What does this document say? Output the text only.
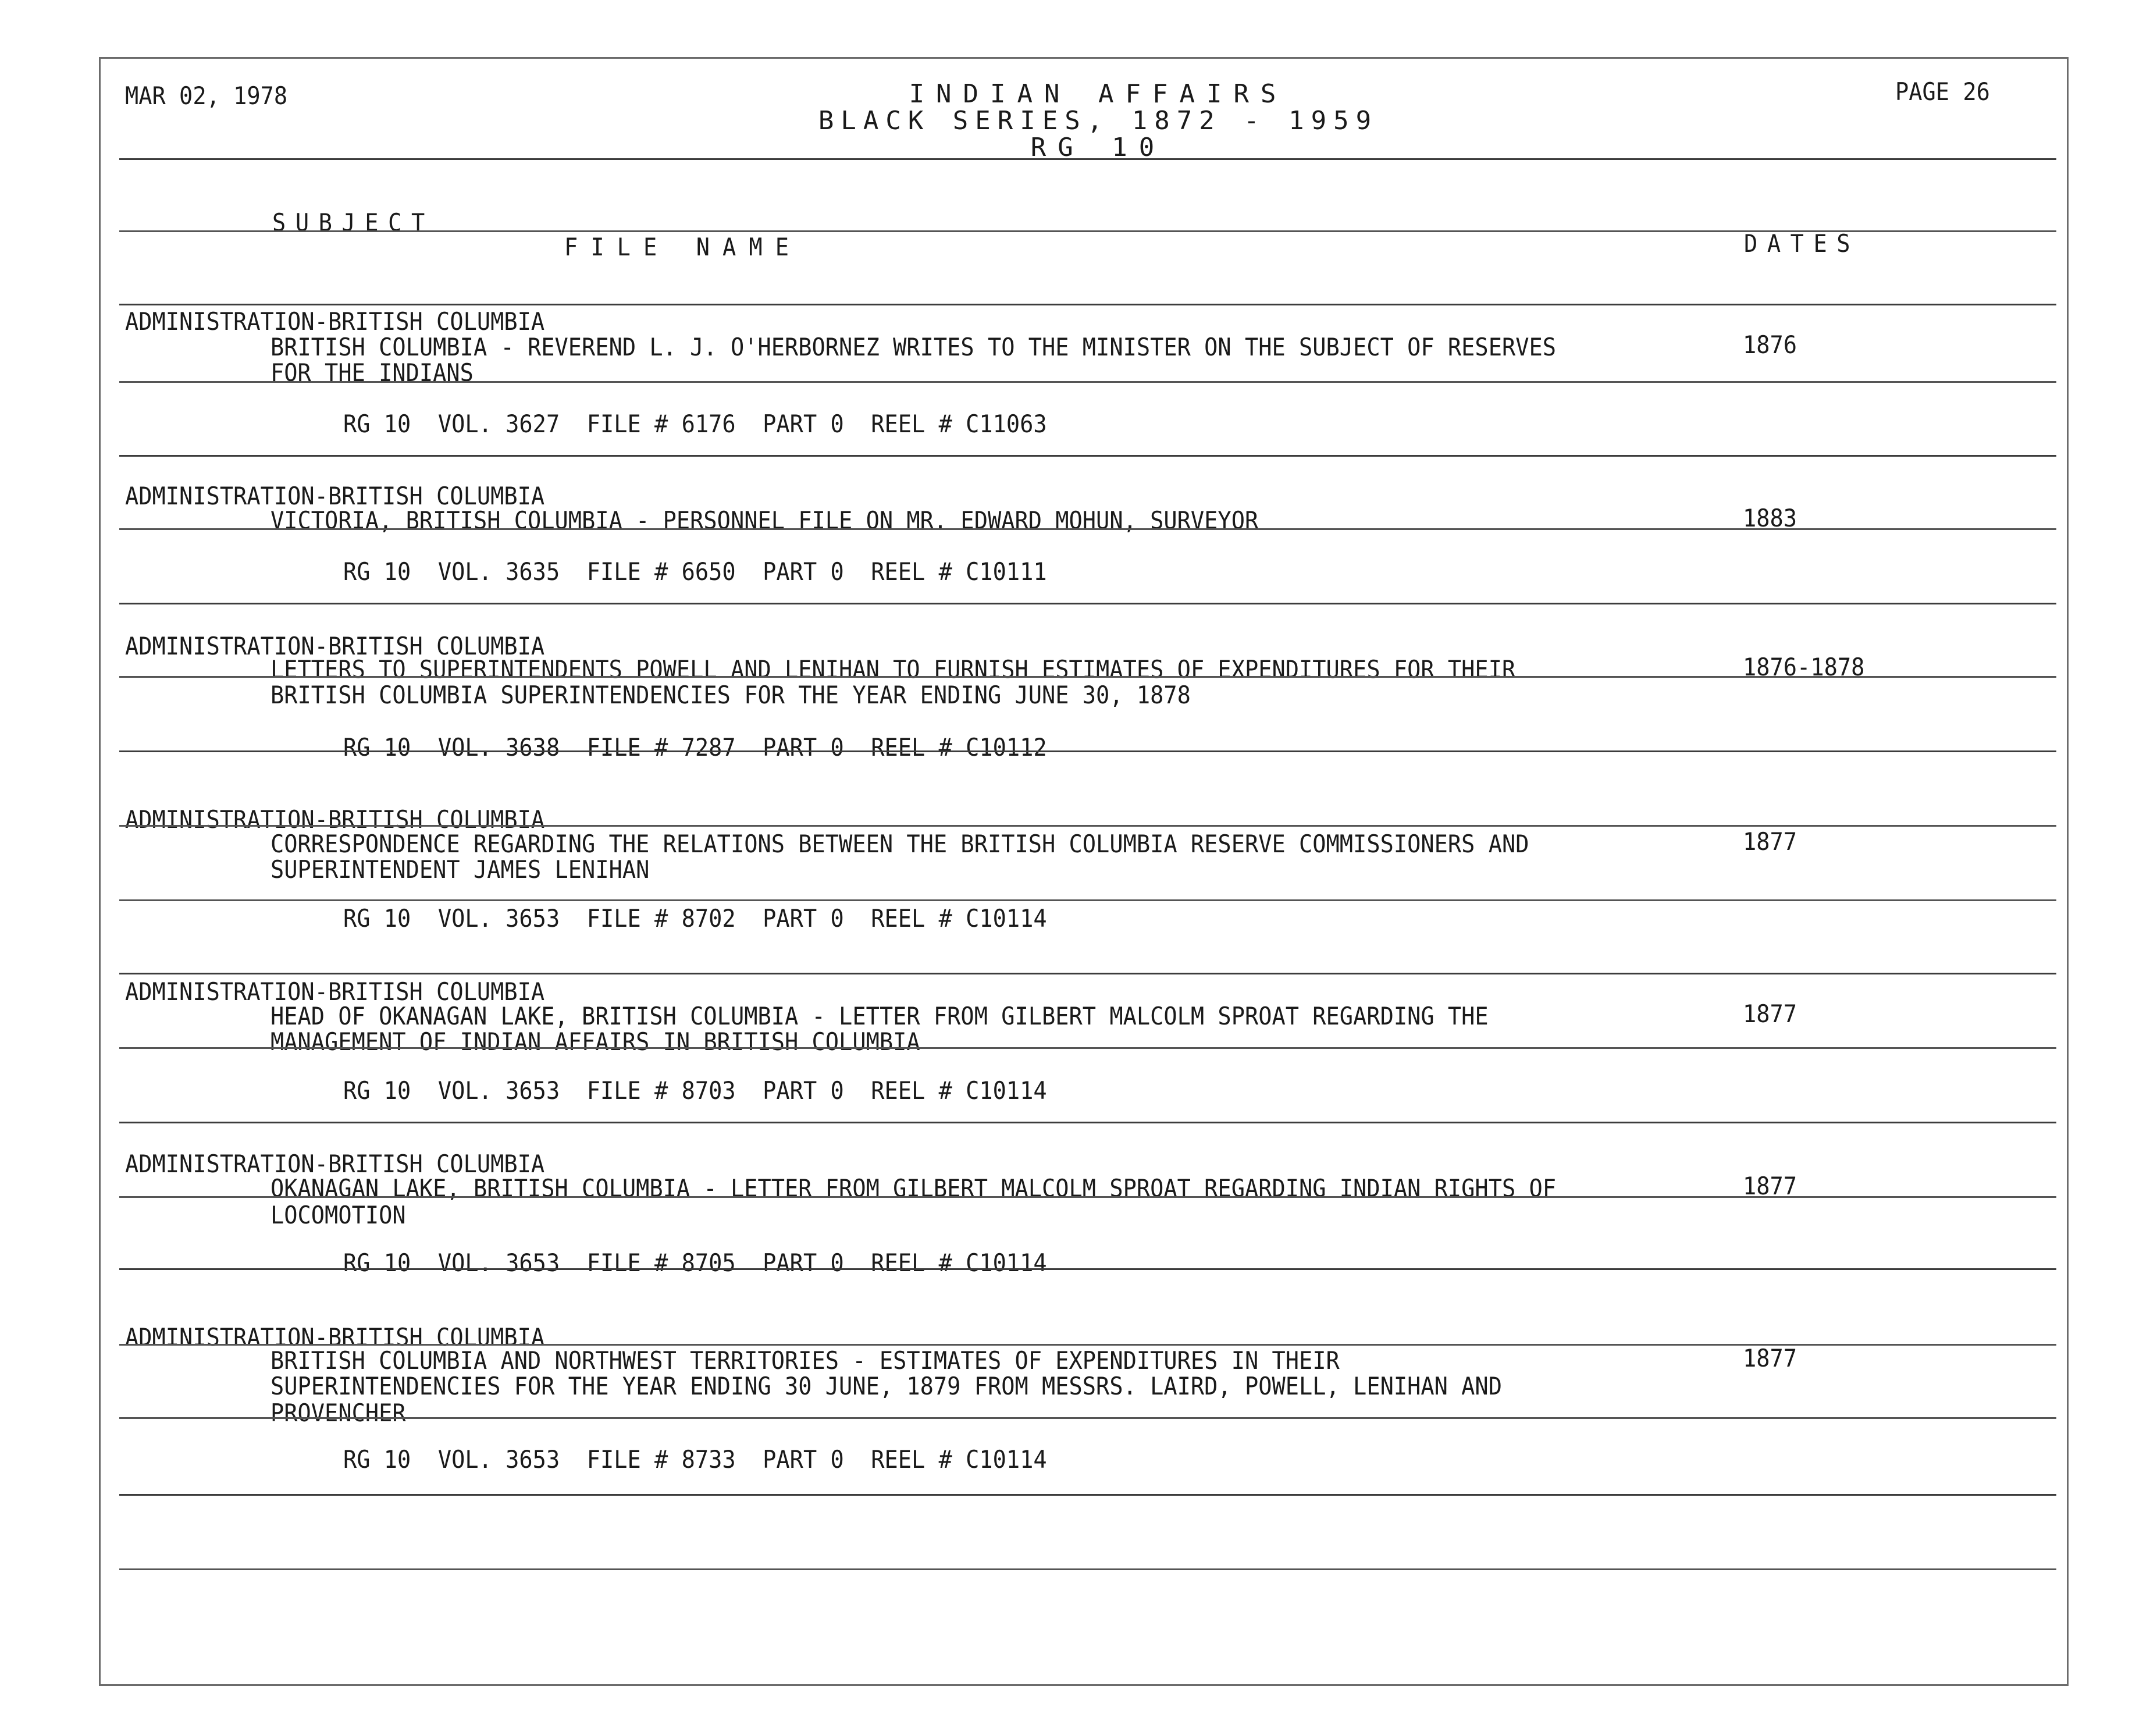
MAR 02, 1978	PAGE 26
INDIAN AFFAIRS
BLACK SERIES, 1872 - 1959
RG 10
SUBJECT
FILE NAME	DATES
ADMINISTRATION-BRITISH COLUMBIA
BRITISH COLUMBIA - REVEREND L. J. O'HERBORNEZ WRITES TO THE MINISTER ON THE SUBJECT OF RESERVES
FOR THE INDIANS
1876
RG 10  VOL. 3627  FILE # 6176  PART 0  REEL # C11063
ADMINISTRATION-BRITISH COLUMBIA
VICTORIA, BRITISH COLUMBIA - PERSONNEL FILE ON MR. EDWARD MOHUN, SURVEYOR	1883
RG 10  VOL. 3635  FILE # 6650  PART 0  REEL # C10111
ADMINISTRATION-BRITISH COLUMBIA
LETTERS TO SUPERINTENDENTS POWELL AND LENIHAN TO FURNISH ESTIMATES OF EXPENDITURES FOR THEIR
BRITISH COLUMBIA SUPERINTENDENCIES FOR THE YEAR ENDING JUNE 30, 1878
1876-1878
RG 10  VOL. 3638  FILE # 7287  PART 0  REEL # C10112
ADMINISTRATION-BRITISH COLUMBIA
CORRESPONDENCE REGARDING THE RELATIONS BETWEEN THE BRITISH COLUMBIA RESERVE COMMISSIONERS AND
SUPERINTENDENT JAMES LENIHAN
1877
RG 10  VOL. 3653  FILE # 8702  PART 0  REEL # C10114
ADMINISTRATION-BRITISH COLUMBIA
HEAD OF OKANAGAN LAKE, BRITISH COLUMBIA - LETTER FROM GILBERT MALCOLM SPROAT REGARDING THE
MANAGEMENT OF INDIAN AFFAIRS IN BRITISH COLUMBIA
1877
RG 10  VOL. 3653  FILE # 8703  PART 0  REEL # C10114
ADMINISTRATION-BRITISH COLUMBIA
OKANAGAN LAKE, BRITISH COLUMBIA - LETTER FROM GILBERT MALCOLM SPROAT REGARDING INDIAN RIGHTS OF
LOCOMOTION
1877
RG 10  VOL. 3653  FILE # 8705  PART 0  REEL # C10114
ADMINISTRATION-BRITISH COLUMBIA
BRITISH COLUMBIA AND NORTHWEST TERRITORIES - ESTIMATES OF EXPENDITURES IN THEIR
SUPERINTENDENCIES FOR THE YEAR ENDING 30 JUNE, 1879 FROM MESSRS. LAIRD, POWELL, LENIHAN AND
PROVENCHER
1877
RG 10  VOL. 3653  FILE # 8733  PART 0  REEL # C10114
